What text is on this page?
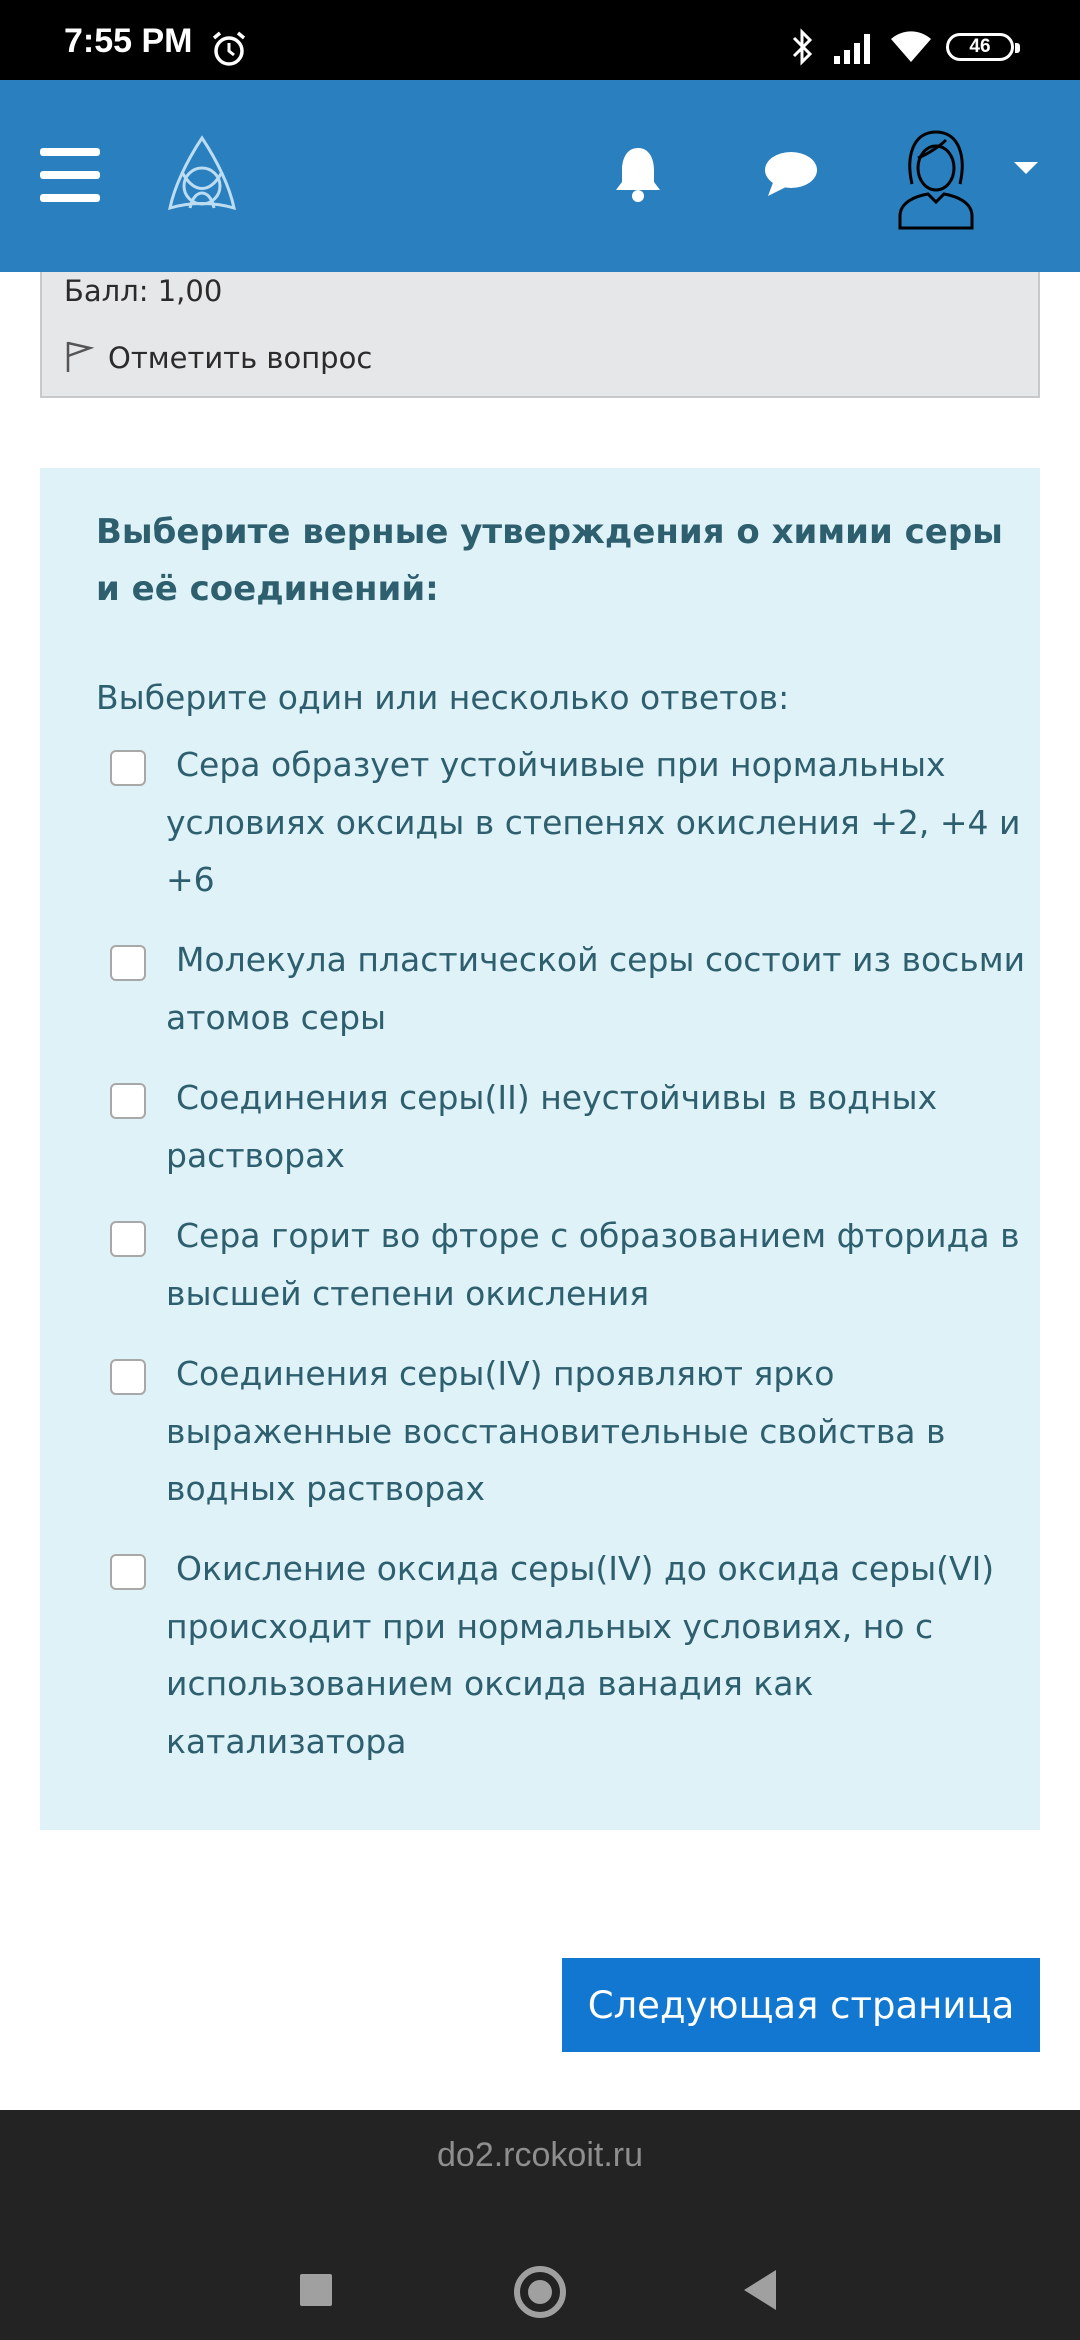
7:55 PM	46
Балл: 1,00
Отметить вопрос
Выберите верные утверждения о химии серы и её соединений:
Выберите один или несколько ответов:
Сера образует устойчивые при нормальных условиях оксиды в степенях окисления +2, +4 и +6
Молекула пластической серы состоит из восьми атомов серы
Соединения серы(II) неустойчивы в водных растворах
Сера горит во фторе с образованием фторида в высшей степени окисления
Соединения серы(IV) проявляют ярко выраженные восстановительные свойства в водных растворах
Окисление оксида серы(IV) до оксида серы(VI) происходит при нормальных условиях, но с использованием оксида ванадия как катализатора
Следующая страница
do2.rcokoit.ru
